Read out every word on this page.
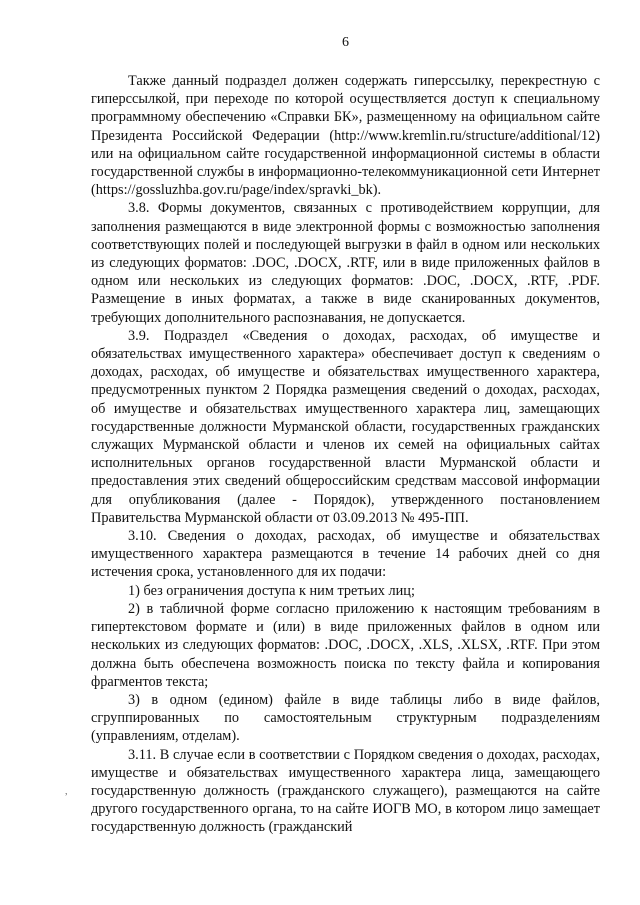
6

Также данный подраздел должен содержать гиперссылку, перекрестную с гиперссылкой, при переходе по которой осуществляется доступ к специальному программному обеспечению «Справки БК», размещенному на официальном сайте Президента Российской Федерации (http://www.kremlin.ru/structure/additional/12) или на официальном сайте государственной информационной системы в области государственной службы в информационно-телекоммуникационной сети Интернет (https://gossluzhba.gov.ru/page/index/spravki_bk).

3.8. Формы документов, связанных с противодействием коррупции, для заполнения размещаются в виде электронной формы с возможностью заполнения соответствующих полей и последующей выгрузки в файл в одном или нескольких из следующих форматов: .DOC, .DOCX, .RTF, или в виде приложенных файлов в одном или нескольких из следующих форматов: .DOC, .DOCX, .RTF, .PDF. Размещение в иных форматах, а также в виде сканированных документов, требующих дополнительного распознавания, не допускается.

3.9. Подраздел «Сведения о доходах, расходах, об имуществе и обязательствах имущественного характера» обеспечивает доступ к сведениям о доходах, расходах, об имуществе и обязательствах имущественного характера, предусмотренных пунктом 2 Порядка размещения сведений о доходах, расходах, об имуществе и обязательствах имущественного характера лиц, замещающих государственные должности Мурманской области, государственных гражданских служащих Мурманской области и членов их семей на официальных сайтах исполнительных органов государственной власти Мурманской области и предоставления этих сведений общероссийским средствам массовой информации для опубликования (далее - Порядок), утвержденного постановлением Правительства Мурманской области от 03.09.2013 № 495-ПП.

3.10. Сведения о доходах, расходах, об имуществе и обязательствах имущественного характера размещаются в течение 14 рабочих дней со дня истечения срока, установленного для их подачи:

1) без ограничения доступа к ним третьих лиц;

2) в табличной форме согласно приложению к настоящим требованиям в гипертекстовом формате и (или) в виде приложенных файлов в одном или нескольких из следующих форматов: .DOC, .DOCX, .XLS, .XLSX, .RTF. При этом должна быть обеспечена возможность поиска по тексту файла и копирования фрагментов текста;

3) в одном (едином) файле в виде таблицы либо в виде файлов, сгруппированных по самостоятельным структурным подразделениям (управлениям, отделам).

3.11. В случае если в соответствии с Порядком сведения о доходах, расходах, имуществе и обязательствах имущественного характера лица, замещающего государственную должность (гражданского служащего), размещаются на сайте другого государственного органа, то на сайте ИОГВ МО, в котором лицо замещает государственную должность (гражданский

,
